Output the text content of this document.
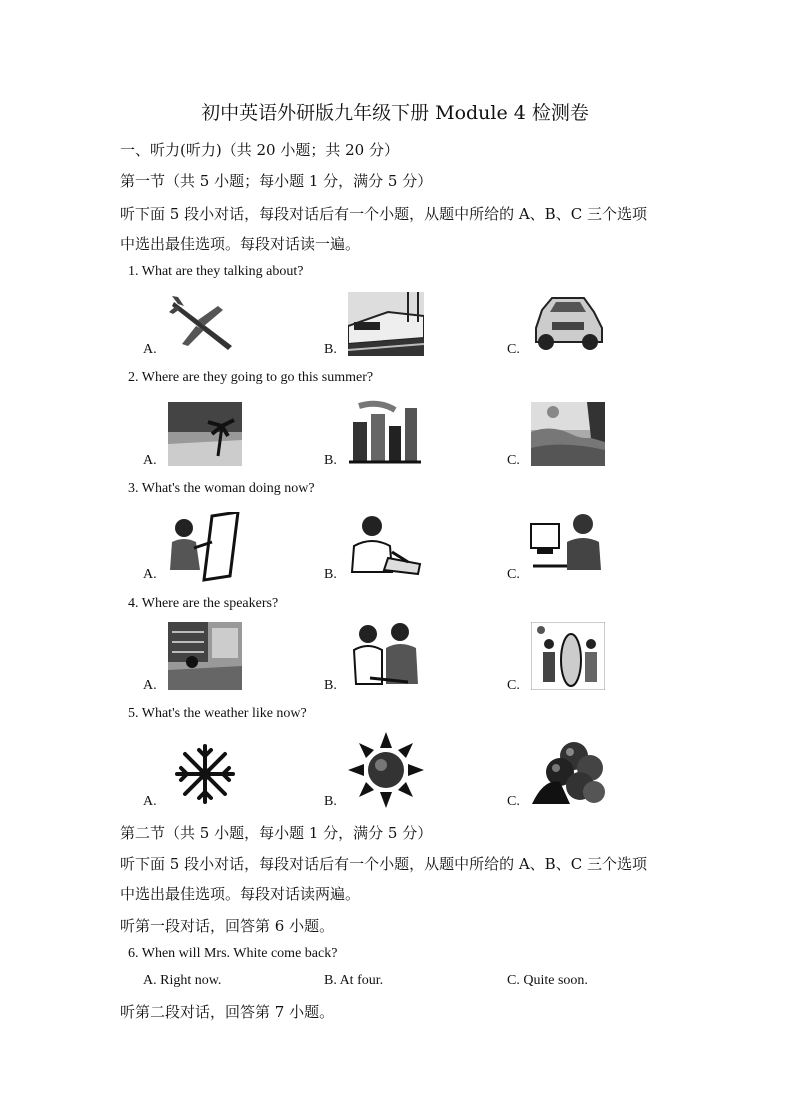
初中英语外研版九年级下册 Module 4 检测卷
一、听力(听力)（共 20 小题；共 20 分）
第一节（共 5 小题；每小题 1 分，满分 5 分）
听下面 5 段小对话，每段对话后有一个小题，从题中所给的 A、B、C 三个选项
中选出最佳选项。每段对话读一遍。
1. What are they talking about?
A.	B.	C.
2. Where are they going to go this summer?
A.	B.	C.
3. What's the woman doing now?
A.	B.	C.
4. Where are the speakers?
A.	B.	C.
5. What's the weather like now?
A.	B.	C.
第二节（共 5 小题，每小题 1 分，满分 5 分）
听下面 5 段小对话，每段对话后有一个小题，从题中所给的 A、B、C 三个选项
中选出最佳选项。每段对话读两遍。
听第一段对话，回答第 6 小题。
6. When will Mrs. White come back?
A. Right now.	B. At four.	C. Quite soon.
听第二段对话，回答第 7 小题。
